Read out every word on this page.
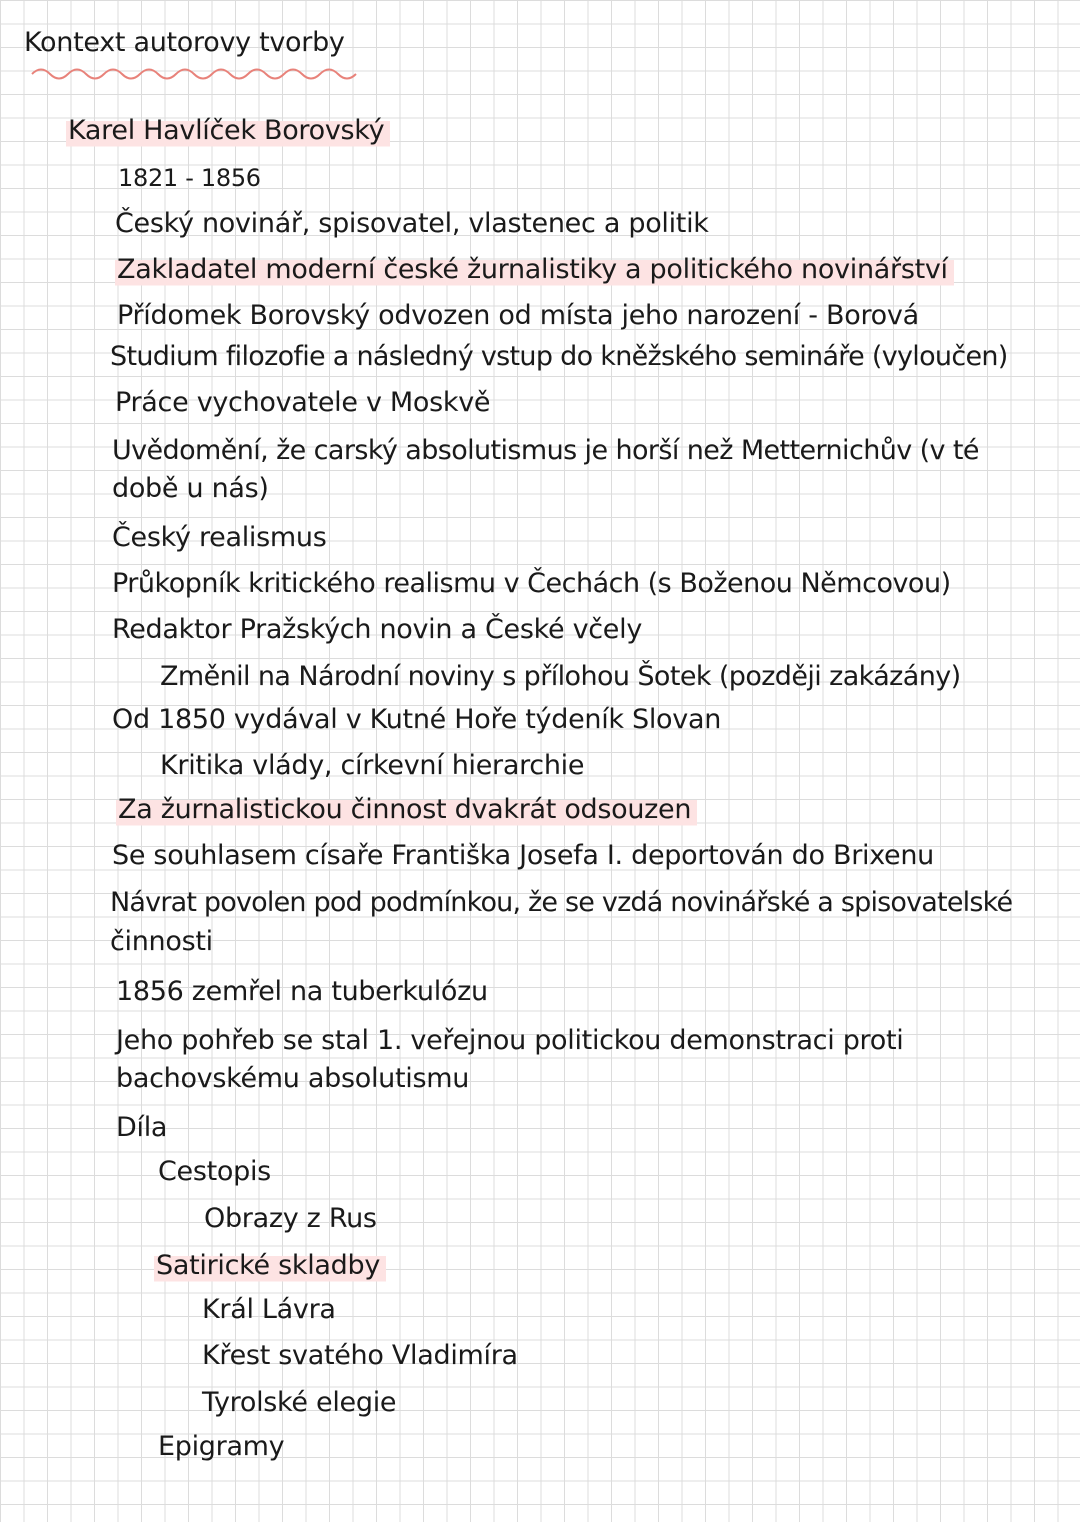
Kontext autorovy tvorby
Karel Havlíček Borovský
1821 - 1856
Český novinář, spisovatel, vlastenec a politik
Zakladatel moderní české žurnalistiky a politického novinářství
Přídomek Borovský odvozen od místa jeho narození - Borová
Studium filozofie a následný vstup do kněžského semináře (vyloučen)
Práce vychovatele v Moskvě
Uvědomění, že carský absolutismus je horší než Metternichův (v té
době u nás)
Český realismus
Průkopník kritického realismu v Čechách (s Boženou Němcovou)
Redaktor Pražských novin a České včely
Změnil na Národní noviny s přílohou Šotek (později zakázány)
Od 1850 vydával v Kutné Hoře týdeník Slovan
Kritika vlády, církevní hierarchie
Za žurnalistickou činnost dvakrát odsouzen
Se souhlasem císaře Františka Josefa I. deportován do Brixenu
Návrat povolen pod podmínkou, že se vzdá novinářské a spisovatelské
činnosti
1856 zemřel na tuberkulózu
Jeho pohřeb se stal 1. veřejnou politickou demonstraci proti
bachovskému absolutismu
Díla
Cestopis
Obrazy z Rus
Satirické skladby
Král Lávra
Křest svatého Vladimíra
Tyrolské elegie
Epigramy
